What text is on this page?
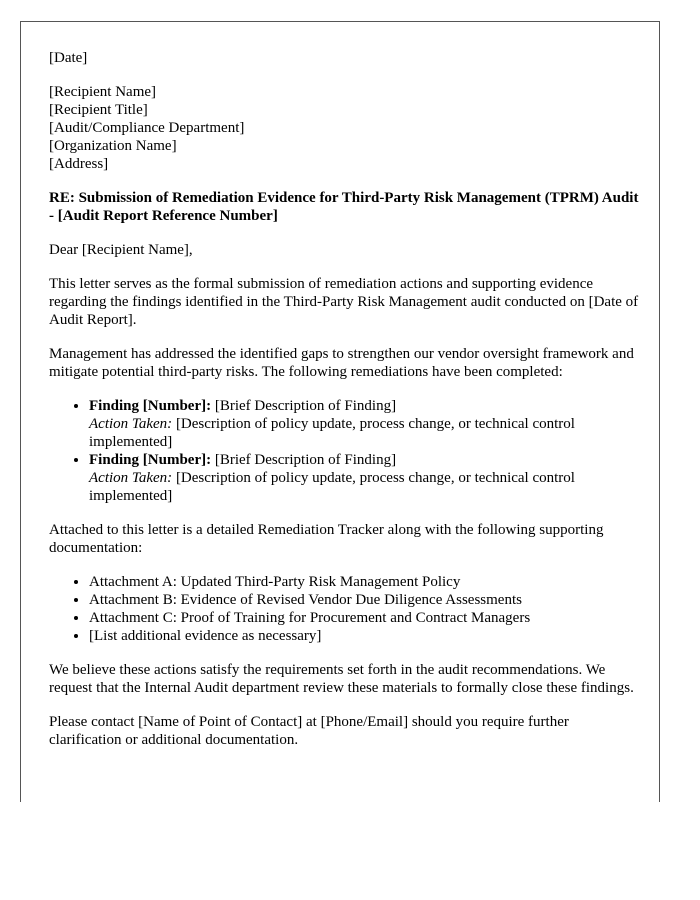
[Date]

[Recipient Name]
[Recipient Title]
[Audit/Compliance Department]
[Organization Name]
[Address]

RE: Submission of Remediation Evidence for Third-Party Risk Management (TPRM) Audit - [Audit Report Reference Number]

Dear [Recipient Name],

This letter serves as the formal submission of remediation actions and supporting evidence regarding the findings identified in the Third-Party Risk Management audit conducted on [Date of Audit Report].

Management has addressed the identified gaps to strengthen our vendor oversight framework and mitigate potential third-party risks. The following remediations have been completed:

• Finding [Number]: [Brief Description of Finding]
Action Taken: [Description of policy update, process change, or technical control implemented]
• Finding [Number]: [Brief Description of Finding]
Action Taken: [Description of policy update, process change, or technical control implemented]

Attached to this letter is a detailed Remediation Tracker along with the following supporting documentation:

• Attachment A: Updated Third-Party Risk Management Policy
• Attachment B: Evidence of Revised Vendor Due Diligence Assessments
• Attachment C: Proof of Training for Procurement and Contract Managers
• [List additional evidence as necessary]

We believe these actions satisfy the requirements set forth in the audit recommendations. We request that the Internal Audit department review these materials to formally close these findings.

Please contact [Name of Point of Contact] at [Phone/Email] should you require further clarification or additional documentation.
